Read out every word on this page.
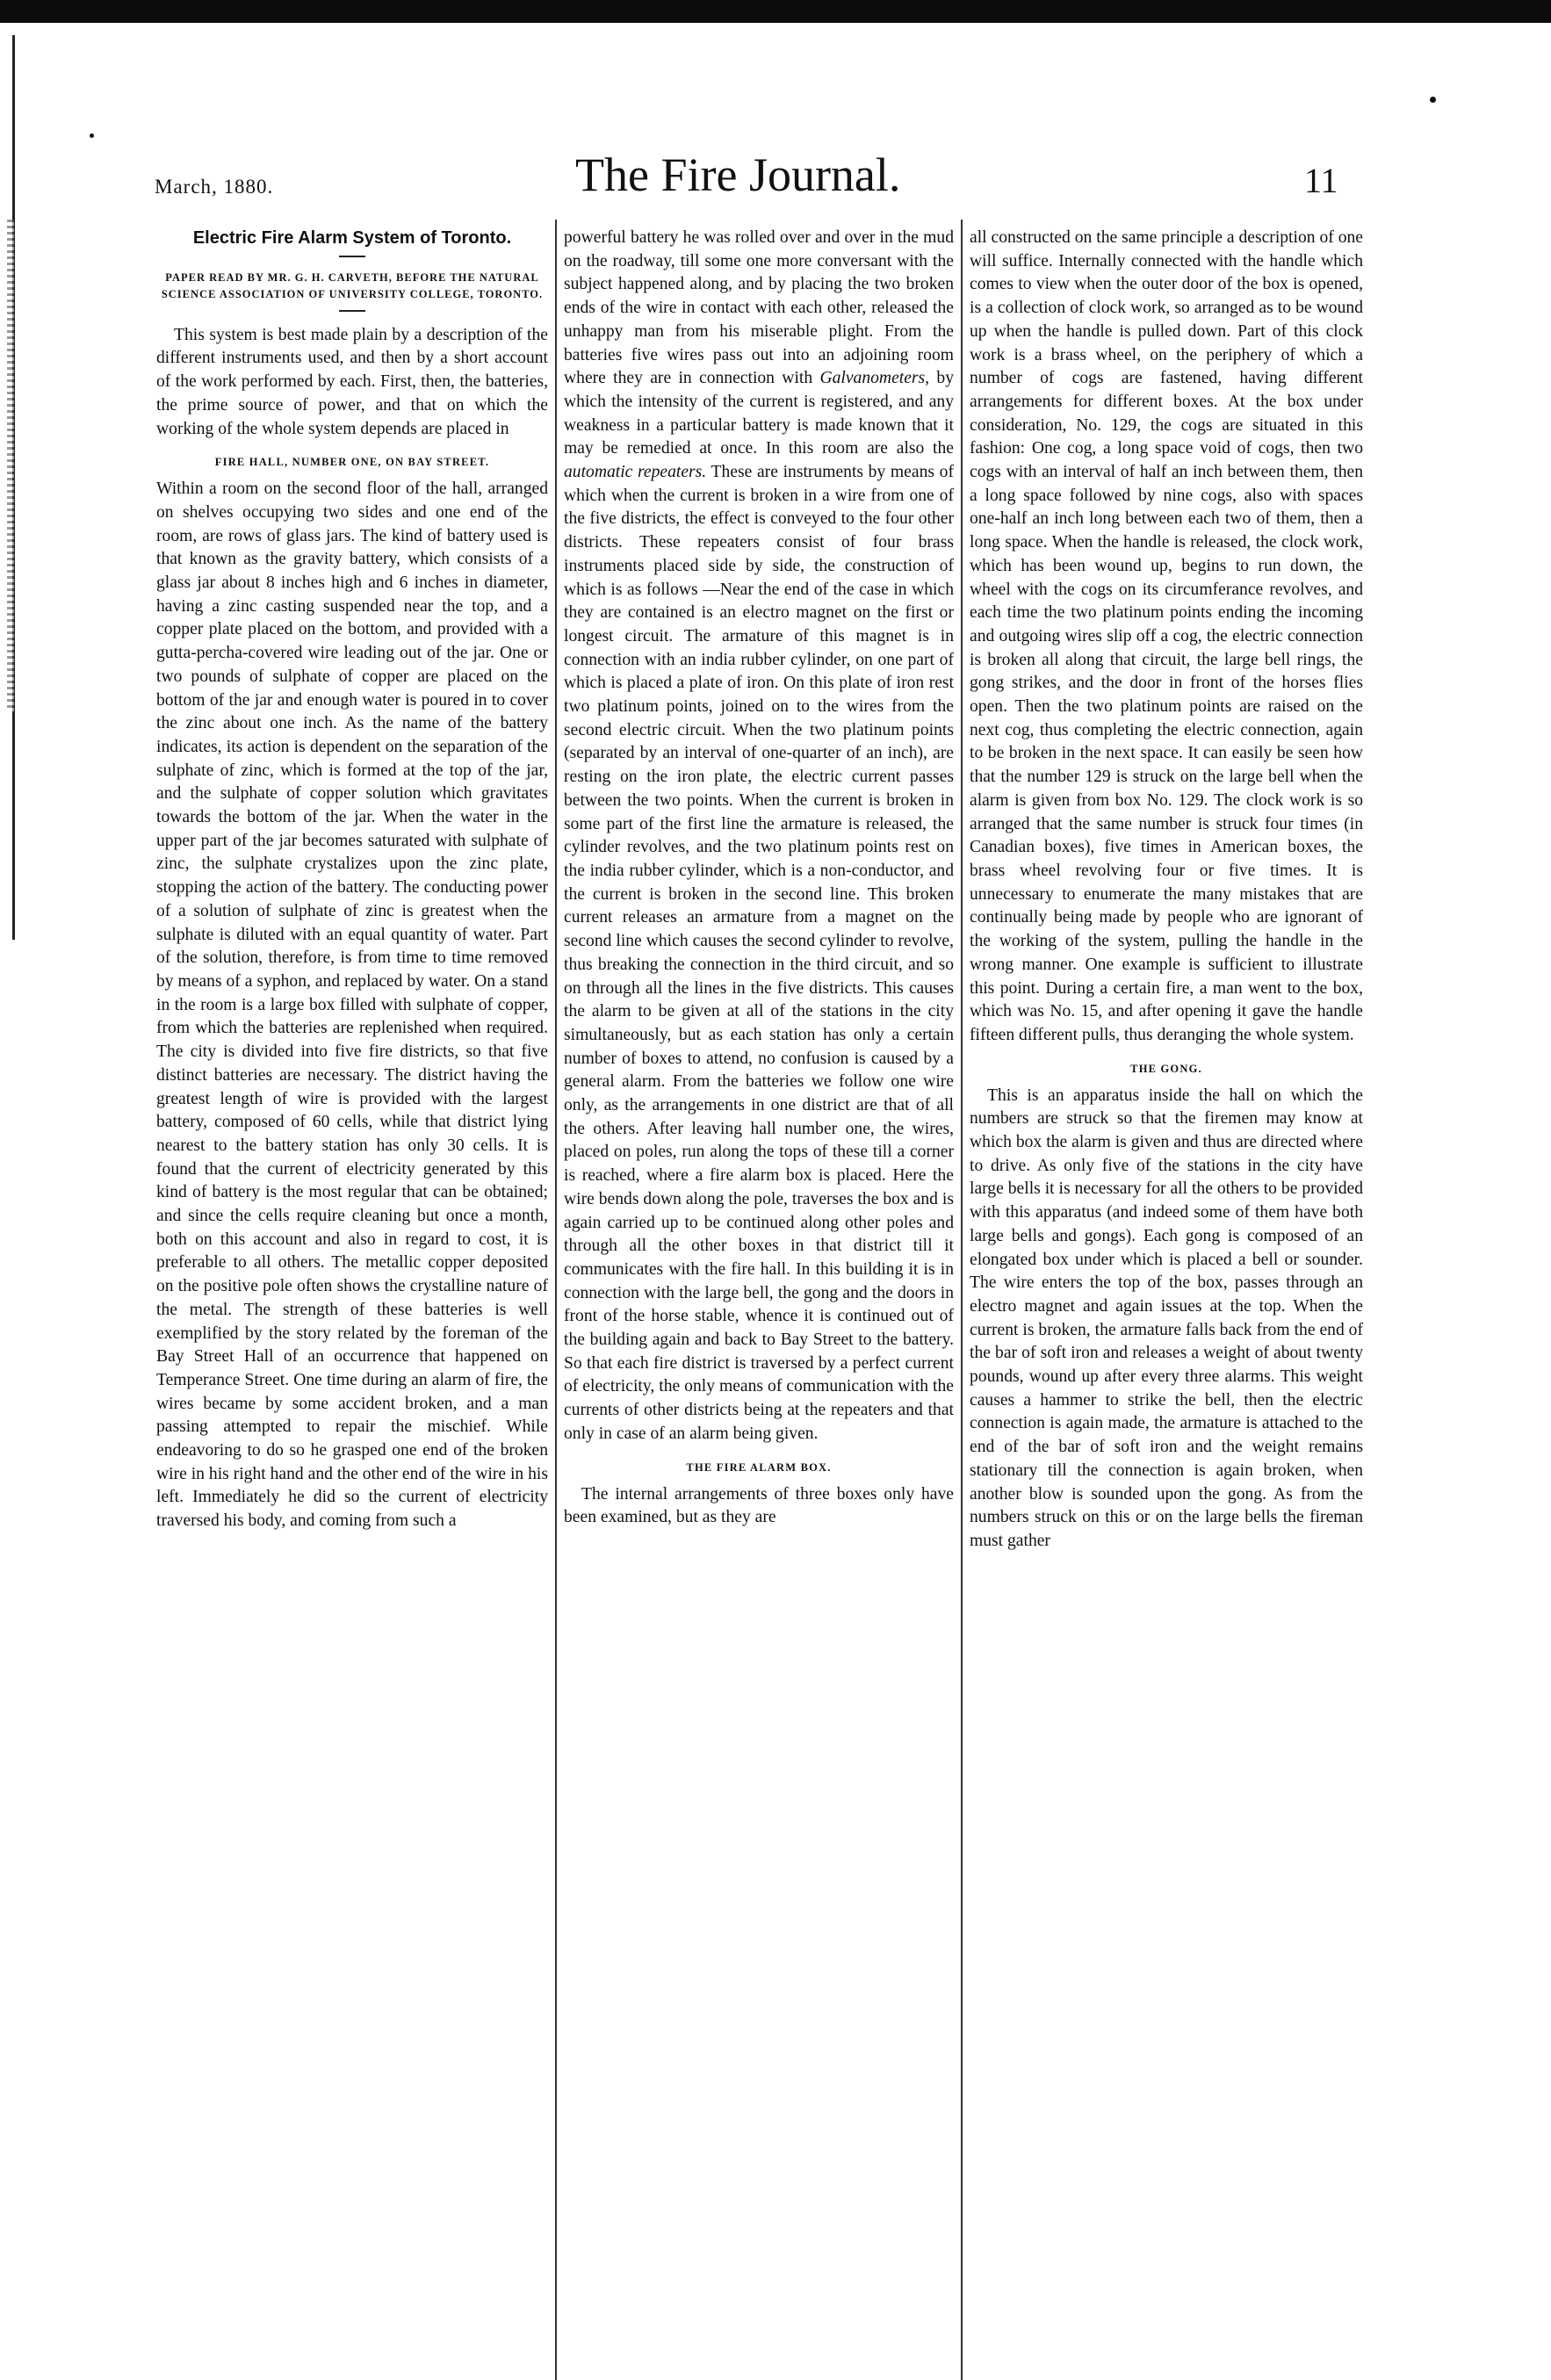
March, 1880.	The Fire Journal.	11
Electric Fire Alarm System of Toronto.
PAPER READ BY MR. G. H. CARVETH, BEFORE THE NATURAL SCIENCE ASSOCIATION OF UNIVERSITY COLLEGE, TORONTO.

This system is best made plain by a description of the different instruments used, and then by a short account of the work performed by each. First, then, the batteries, the prime source of power, and that on which the working of the whole system depends are placed in

FIRE HALL, NUMBER ONE, ON BAY STREET.

Within a room on the second floor of the hall, arranged on shelves occupying two sides and one end of the room, are rows of glass jars. The kind of battery used is that known as the gravity battery, which consists of a glass jar about 8 inches high and 6 inches in diameter, having a zinc casting suspended near the top, and a copper plate placed on the bottom, and provided with a gutta-percha-covered wire leading out of the jar. One or two pounds of sulphate of copper are placed on the bottom of the jar and enough water is poured in to cover the zinc about one inch. As the name of the battery indicates, its action is dependent on the separation of the sulphate of zinc, which is formed at the top of the jar, and the sulphate of copper solution which gravitates towards the bottom of the jar. When the water in the upper part of the jar becomes saturated with sulphate of zinc, the sulphate crystalizes upon the zinc plate, stopping the action of the battery. The conducting power of a solution of sulphate of zinc is greatest when the sulphate is diluted with an equal quantity of water. Part of the solution, therefore, is from time to time removed by means of a syphon, and replaced by water. On a stand in the room is a large box filled with sulphate of copper, from which the batteries are replenished when required. The city is divided into five fire districts, so that five distinct batteries are necessary. The district having the greatest length of wire is provided with the largest battery, composed of 60 cells, while that district lying nearest to the battery station has only 30 cells. It is found that the current of electricity generated by this kind of battery is the most regular that can be obtained; and since the cells require cleaning but once a month, both on this account and also in regard to cost, it is preferable to all others. The metallic copper deposited on the positive pole often shows the crystalline nature of the metal. The strength of these batteries is well exemplified by the story related by the foreman of the Bay Street Hall of an occurrence that happened on Temperance Street. One time during an alarm of fire, the wires became by some accident broken, and a man passing attempted to repair the mischief. While endeavoring to do so he grasped one end of the broken wire in his right hand and the other end of the wire in his left. Immediately he did so the current of electricity traversed his body, and coming from such a

powerful battery he was rolled over and over in the mud on the roadway, till some one more conversant with the subject happened along, and by placing the two broken ends of the wire in contact with each other, released the unhappy man from his miserable plight. From the batteries five wires pass out into an adjoining room where they are in connection with Galvanometers, by which the intensity of the current is registered, and any weakness in a particular battery is made known that it may be remedied at once. In this room are also the automatic repeaters. These are instruments by means of which when the current is broken in a wire from one of the five districts, the effect is conveyed to the four other districts. These repeaters consist of four brass instruments placed side by side, the construction of which is as follows —Near the end of the case in which they are contained is an electro magnet on the first or longest circuit. The armature of this magnet is in connection with an india rubber cylinder, on one part of which is placed a plate of iron. On this plate of iron rest two platinum points, joined on to the wires from the second electric circuit. When the two platinum points (separated by an interval of one-quarter of an inch), are resting on the iron plate, the electric current passes between the two points. When the current is broken in some part of the first line the armature is released, the cylinder revolves, and the two platinum points rest on the india rubber cylinder, which is a non-conductor, and the current is broken in the second line. This broken current releases an armature from a magnet on the second line which causes the second cylinder to revolve, thus breaking the connection in the third circuit, and so on through all the lines in the five districts. This causes the alarm to be given at all of the stations in the city simultaneously, but as each station has only a certain number of boxes to attend, no confusion is caused by a general alarm. From the batteries we follow one wire only, as the arrangements in one district are that of all the others. After leaving hall number one, the wires, placed on poles, run along the tops of these till a corner is reached, where a fire alarm box is placed. Here the wire bends down along the pole, traverses the box and is again carried up to be continued along other poles and through all the other boxes in that district till it communicates with the fire hall. In this building it is in connection with the large bell, the gong and the doors in front of the horse stable, whence it is continued out of the building again and back to Bay Street to the battery. So that each fire district is traversed by a perfect current of electricity, the only means of communication with the currents of other districts being at the repeaters and that only in case of an alarm being given.

THE FIRE ALARM BOX.

The internal arrangements of three boxes only have been examined, but as they are

all constructed on the same principle a description of one will suffice. Internally connected with the handle which comes to view when the outer door of the box is opened, is a collection of clock work, so arranged as to be wound up when the handle is pulled down. Part of this clock work is a brass wheel, on the periphery of which a number of cogs are fastened, having different arrangements for different boxes. At the box under consideration, No. 129, the cogs are situated in this fashion: One cog, a long space void of cogs, then two cogs with an interval of half an inch between them, then a long space followed by nine cogs, also with spaces one-half an inch long between each two of them, then a long space. When the handle is released, the clock work, which has been wound up, begins to run down, the wheel with the cogs on its circumferance revolves, and each time the two platinum points ending the incoming and outgoing wires slip off a cog, the electric connection is broken all along that circuit, the large bell rings, the gong strikes, and the door in front of the horses flies open. Then the two platinum points are raised on the next cog, thus completing the electric connection, again to be broken in the next space. It can easily be seen how that the number 129 is struck on the large bell when the alarm is given from box No. 129. The clock work is so arranged that the same number is struck four times (in Canadian boxes), five times in American boxes, the brass wheel revolving four or five times. It is unnecessary to enumerate the many mistakes that are continually being made by people who are ignorant of the working of the system, pulling the handle in the wrong manner. One example is sufficient to illustrate this point. During a certain fire, a man went to the box, which was No. 15, and after opening it gave the handle fifteen different pulls, thus deranging the whole system.

THE GONG.

This is an apparatus inside the hall on which the numbers are struck so that the firemen may know at which box the alarm is given and thus are directed where to drive. As only five of the stations in the city have large bells it is necessary for all the others to be provided with this apparatus (and indeed some of them have both large bells and gongs). Each gong is composed of an elongated box under which is placed a bell or sounder. The wire enters the top of the box, passes through an electro magnet and again issues at the top. When the current is broken, the armature falls back from the end of the bar of soft iron and releases a weight of about twenty pounds, wound up after every three alarms. This weight causes a hammer to strike the bell, then the electric connection is again made, the armature is attached to the end of the bar of soft iron and the weight remains stationary till the connection is again broken, when another blow is sounded upon the gong. As from the numbers struck on this or on the large bells the fireman must gather
